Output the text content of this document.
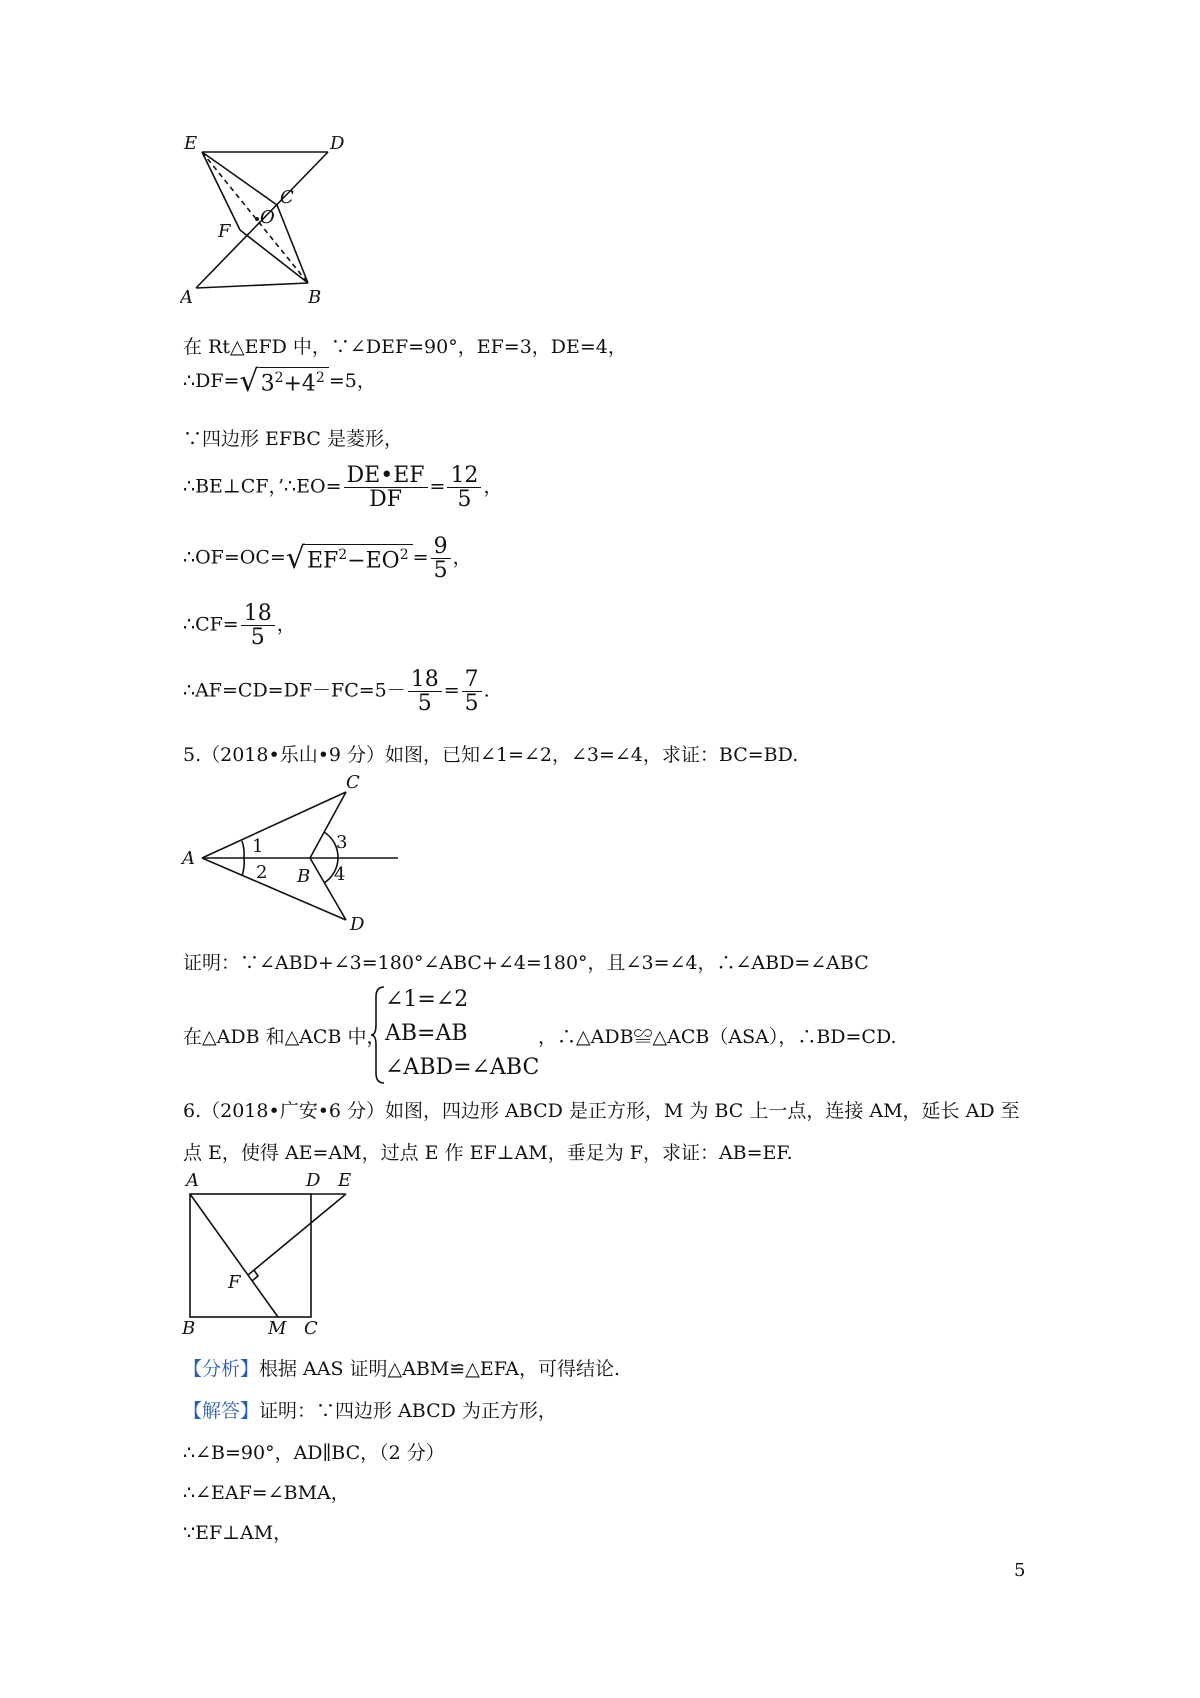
E	D
C
O
F
A	B
在 Rt△EFD 中，∵∠DEF=90°，EF=3，DE=4，
∴DF= √ $3^2+4^2 =5$，
∵四边形 EFBC 是菱形，
∴BE⊥CF，’∴EO= $\frac{DE•EF}{DF} = \frac{12}{5}$ ，
∴OF=OC= √ $EF^2-EO^2 = \frac{9}{5}$ ，
∴CF= $\frac{18}{5}$ ，
∴AF=CD=DF－FC=5－ $\frac{18}{5} = \frac{7}{5}$ .
5.（2018•乐山•9 分）如图，已知∠1=∠2，∠3=∠4，求证：BC=BD.
A
B
C
D
1
2
3
4
证明：∵∠ABD+∠3=180°∠ABC+∠4=180°，且∠3=∠4，∴∠ABD=∠ABC
在△ADB 和△ACB 中，
∠1=∠2
AB=AB
∠ABD=∠ABC
，∴△ADB≌△ACB（ASA），∴BD=CD.
6.（2018•广安•6 分）如图，四边形 ABCD 是正方形，M 为 BC 上一点，连接 AM，延长 AD 至
点 E，使得 AE=AM，过点 E 作 EF⊥AM，垂足为 F，求证：AB=EF.
A	D E
F
B	M C
【分析】根据 AAS 证明△ABM≌△EFA，可得结论.
【解答】证明：∵四边形 ABCD 为正方形，
∴∠B=90°，AD∥BC，（2 分）
∴∠EAF=∠BMA，
∵EF⊥AM，
5
